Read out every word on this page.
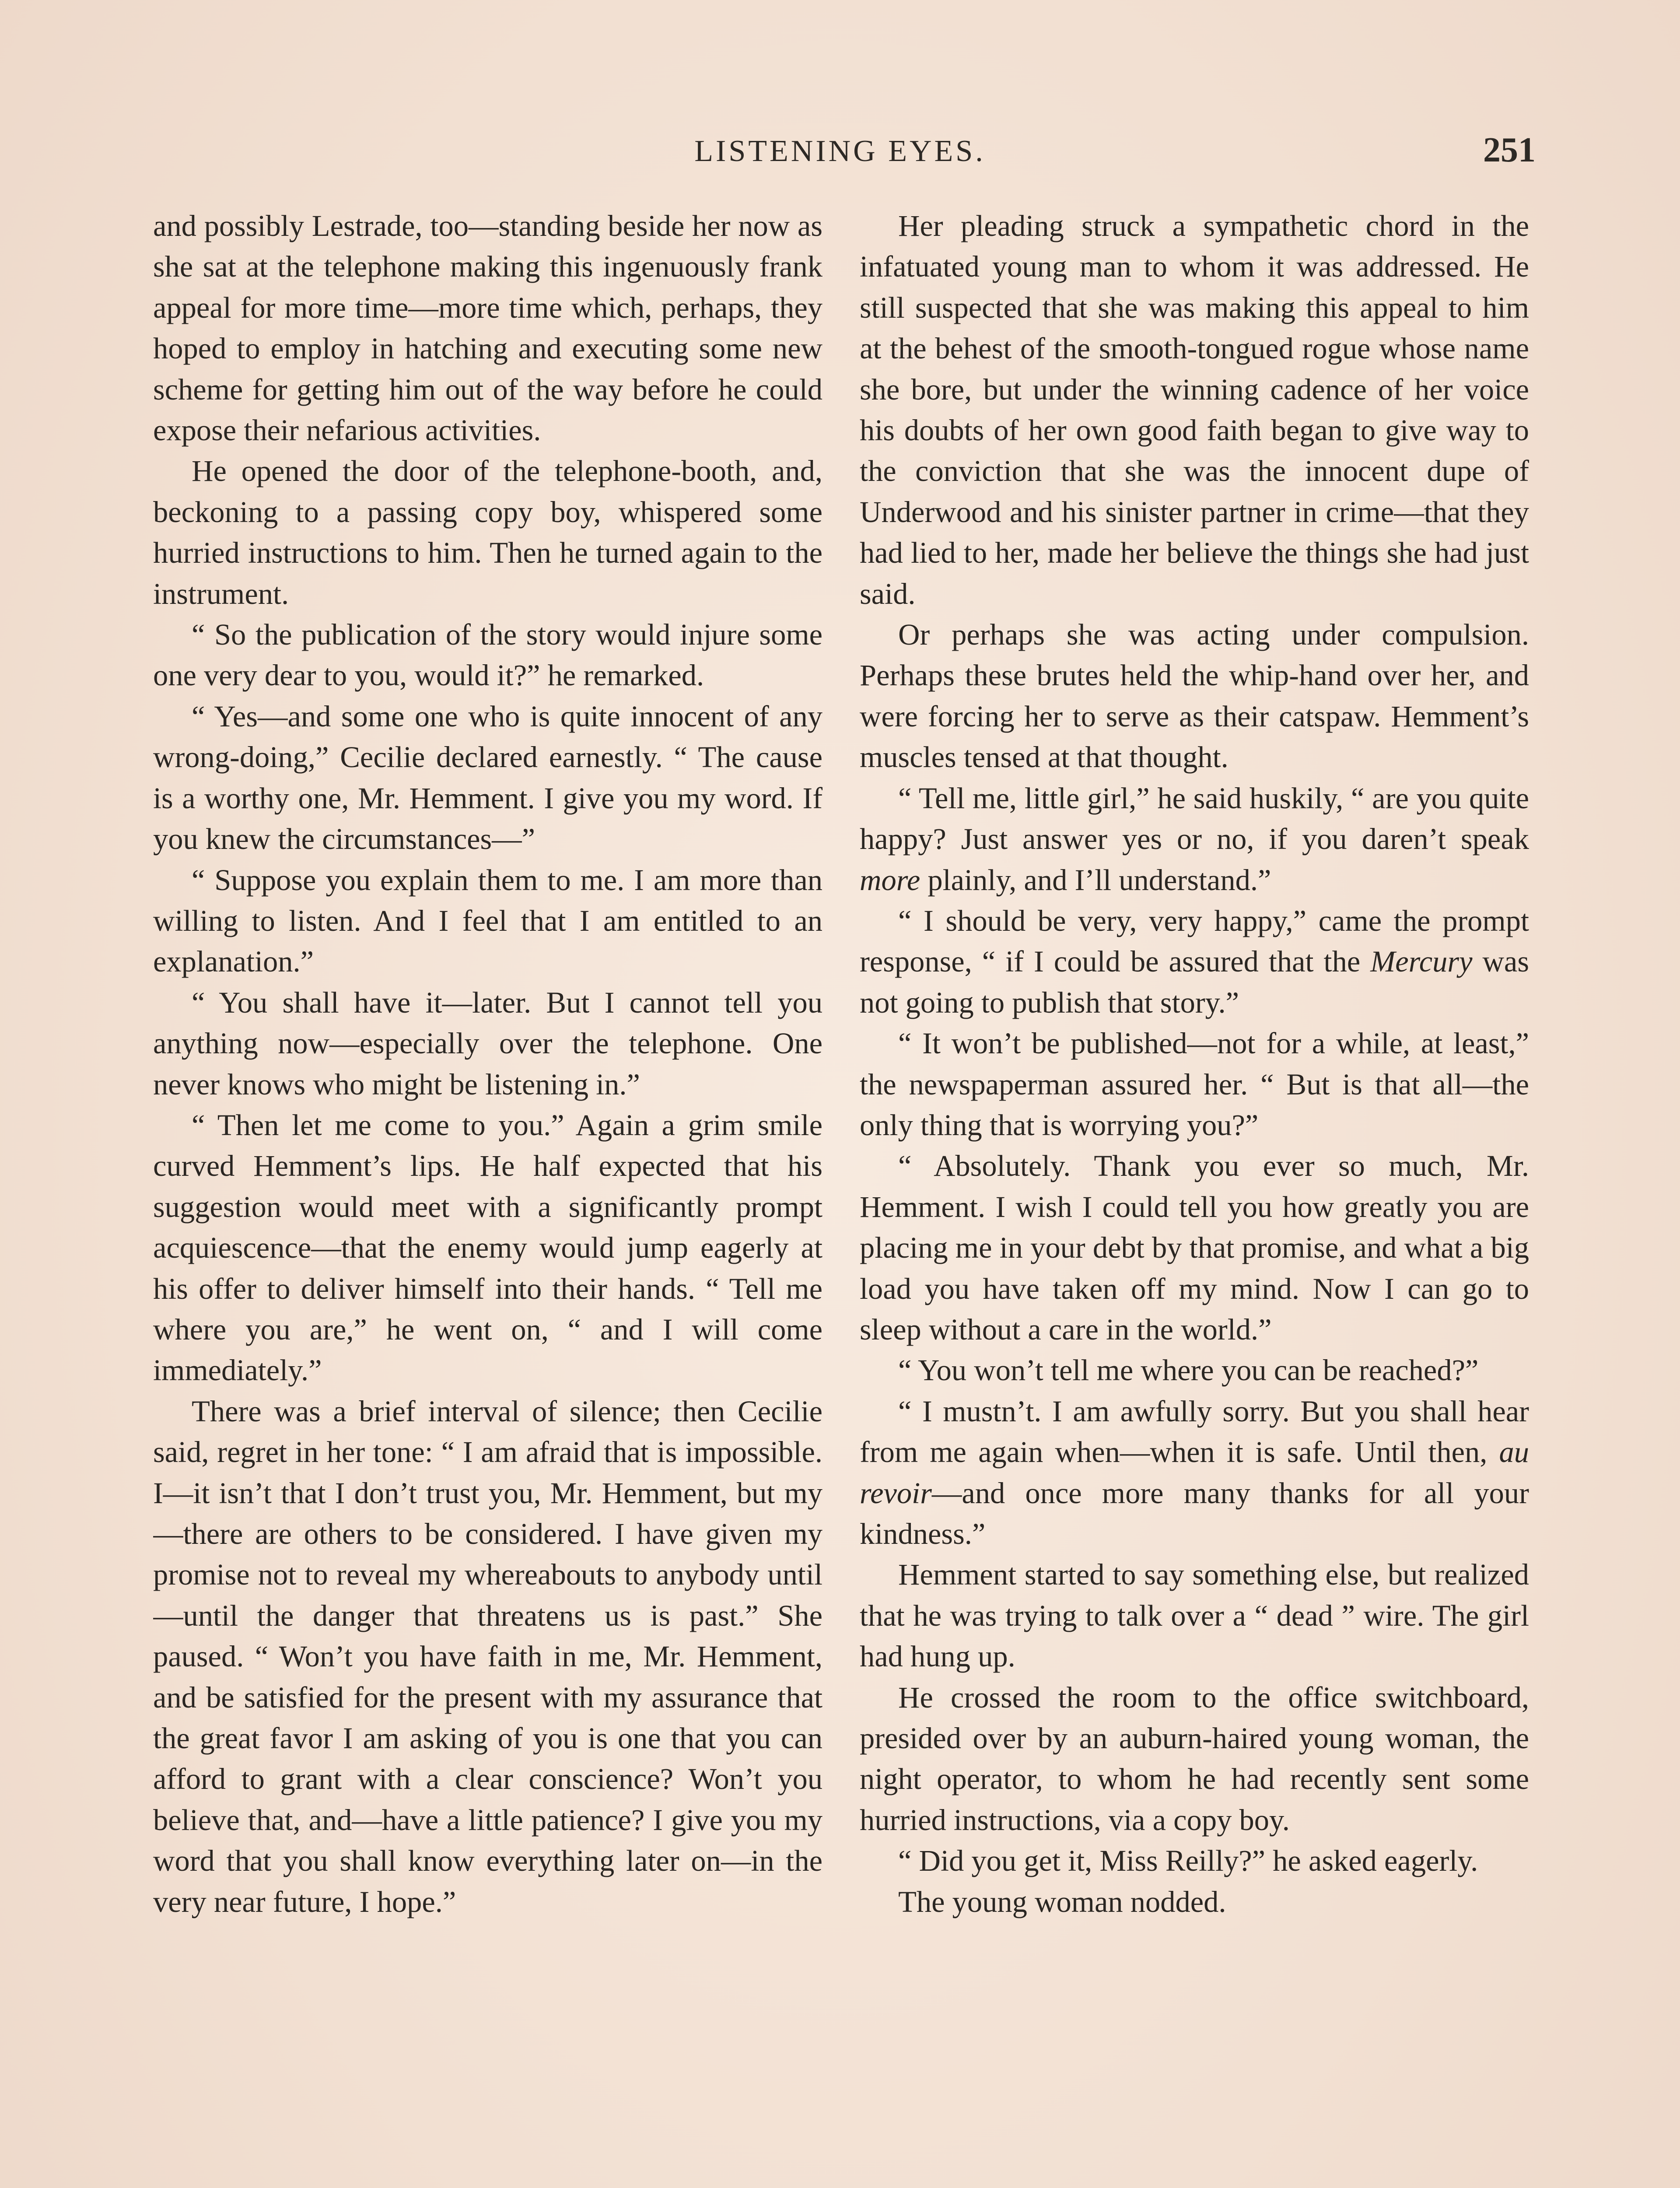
LISTENING EYES.	251

and possibly Lestrade, too—standing beside her now as she sat at the telephone making this ingenuously frank appeal for more time—more time which, perhaps, they hoped to employ in hatching and executing some new scheme for getting him out of the way before he could expose their nefarious activities.

He opened the door of the telephone-booth, and, beckoning to a passing copy boy, whispered some hurried instructions to him. Then he turned again to the instrument.

“ So the publication of the story would injure some one very dear to you, would it?” he remarked.

“ Yes—and some one who is quite innocent of any wrong-doing,” Cecilie declared earnestly. “ The cause is a worthy one, Mr. Hemment. I give you my word. If you knew the circumstances—”

“ Suppose you explain them to me. I am more than willing to listen. And I feel that I am entitled to an explanation.”

“ You shall have it—later. But I cannot tell you anything now—especially over the telephone. One never knows who might be listening in.”

“ Then let me come to you.” Again a grim smile curved Hemment’s lips. He half expected that his suggestion would meet with a significantly prompt acquiescence—that the enemy would jump eagerly at his offer to deliver himself into their hands. “ Tell me where you are,” he went on, “ and I will come immediately.”

There was a brief interval of silence; then Cecilie said, regret in her tone: “ I am afraid that is impossible. I—it isn’t that I don’t trust you, Mr. Hemment, but my—there are others to be considered. I have given my promise not to reveal my whereabouts to anybody until—until the danger that threatens us is past.” She paused. “ Won’t you have faith in me, Mr. Hemment, and be satisfied for the present with my assurance that the great favor I am asking of you is one that you can afford to grant with a clear conscience? Won’t you believe that, and—have a little patience? I give you my word that you shall know everything later on—in the very near future, I hope.”

Her pleading struck a sympathetic chord in the infatuated young man to whom it was addressed. He still suspected that she was making this appeal to him at the behest of the smooth-tongued rogue whose name she bore, but under the winning cadence of her voice his doubts of her own good faith began to give way to the conviction that she was the innocent dupe of Underwood and his sinister partner in crime—that they had lied to her, made her believe the things she had just said.

Or perhaps she was acting under compulsion. Perhaps these brutes held the whip-hand over her, and were forcing her to serve as their catspaw. Hemment’s muscles tensed at that thought.

“ Tell me, little girl,” he said huskily, “ are you quite happy? Just answer yes or no, if you daren’t speak more plainly, and I’ll understand.”

“ I should be very, very happy,” came the prompt response, “ if I could be assured that the Mercury was not going to publish that story.”

“ It won’t be published—not for a while, at least,” the newspaperman assured her. “ But is that all—the only thing that is worrying you?”

“ Absolutely. Thank you ever so much, Mr. Hemment. I wish I could tell you how greatly you are placing me in your debt by that promise, and what a big load you have taken off my mind. Now I can go to sleep without a care in the world.”

“ You won’t tell me where you can be reached?”

“ I mustn’t. I am awfully sorry. But you shall hear from me again when—when it is safe. Until then, au revoir—and once more many thanks for all your kindness.”

Hemment started to say something else, but realized that he was trying to talk over a “ dead ” wire. The girl had hung up.

He crossed the room to the office switchboard, presided over by an auburn-haired young woman, the night operator, to whom he had recently sent some hurried instructions, via a copy boy.

“ Did you get it, Miss Reilly?” he asked eagerly.

The young woman nodded.
